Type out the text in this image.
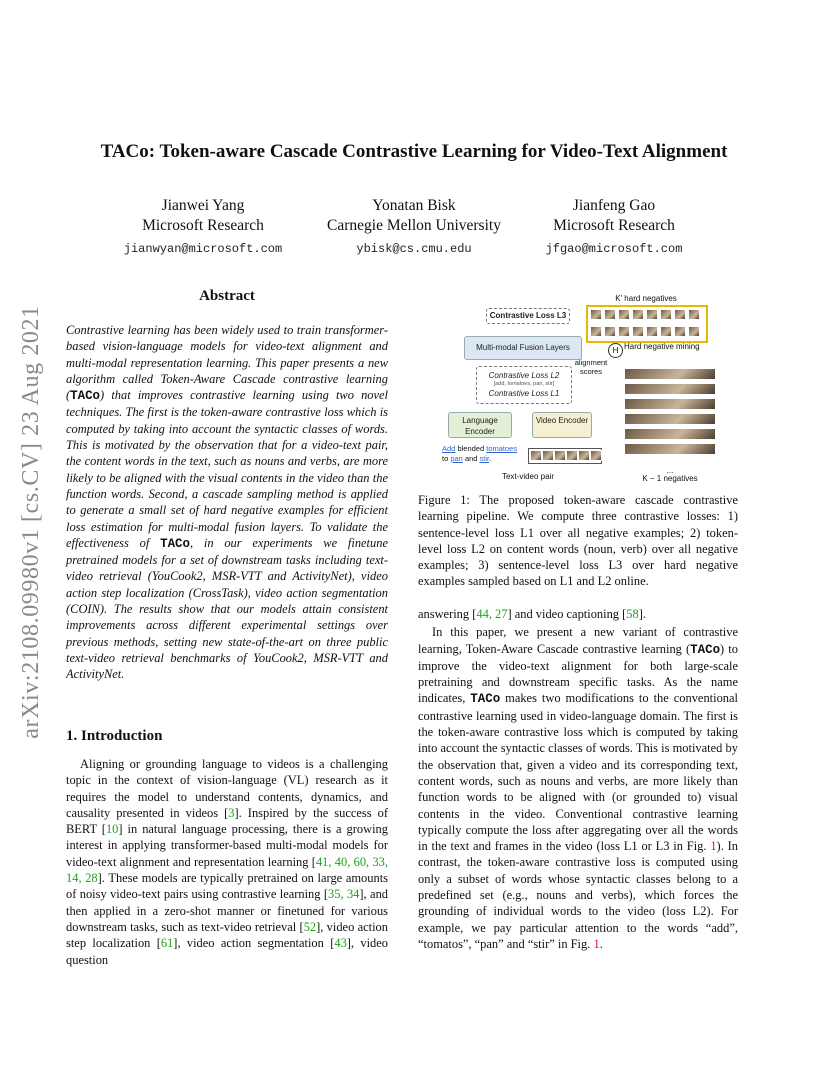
arXiv:2108.09980v1 [cs.CV] 23 Aug 2021
TACo: Token-aware Cascade Contrastive Learning for Video-Text Alignment
Jianwei Yang
Microsoft Research
jianwyan@microsoft.com
Yonatan Bisk
Carnegie Mellon University
ybisk@cs.cmu.edu
Jianfeng Gao
Microsoft Research
jfgao@microsoft.com
Abstract
Contrastive learning has been widely used to train transformer-based vision-language models for video-text alignment and multi-modal representation learning. This paper presents a new algorithm called Token-Aware Cascade contrastive learning (TACo) that improves contrastive learning using two novel techniques. The first is the token-aware contrastive loss which is computed by taking into account the syntactic classes of words. This is motivated by the observation that for a video-text pair, the content words in the text, such as nouns and verbs, are more likely to be aligned with the visual contents in the video than the function words. Second, a cascade sampling method is applied to generate a small set of hard negative examples for efficient loss estimation for multi-modal fusion layers. To validate the effectiveness of TACo, in our experiments we finetune pretrained models for a set of downstream tasks including text-video retrieval (YouCook2, MSR-VTT and ActivityNet), video action step localization (CrossTask), video action segmentation (COIN). The results show that our models attain consistent improvements across different experimental settings over previous methods, setting new state-of-the-art on three public text-video retrieval benchmarks of YouCook2, MSR-VTT and ActivityNet.
1. Introduction
Aligning or grounding language to videos is a challenging topic in the context of vision-language (VL) research as it requires the model to understand contents, dynamics, and causality presented in videos [3]. Inspired by the success of BERT [10] in natural language processing, there is a growing interest in applying transformer-based multi-modal models for video-text alignment and representation learning [41, 40, 60, 33, 14, 28]. These models are typically pretrained on large amounts of noisy video-text pairs using contrastive learning [35, 34], and then applied in a zero-shot manner or finetuned for various downstream tasks, such as text-video retrieval [52], video action step localization [61], video action segmentation [43], video question
K' hard negatives
Contrastive Loss L3
Multi-modal Fusion Layers	H Hard negative mining
alignment scores
Contrastive Loss L2
[add, tomatoes, pan, stir]
Contrastive Loss L1
Language Encoder
Video Encoder
Add blended tomatoes
to pan and stir.
Text-video pair
...
K − 1 negatives
Figure 1: The proposed token-aware cascade contrastive learning pipeline. We compute three contrastive losses: 1) sentence-level loss L1 over all negative examples; 2) token-level loss L2 on content words (noun, verb) over all negative examples; 3) sentence-level loss L3 over hard negative examples sampled based on L1 and L2 online.

answering [44, 27] and video captioning [58].

In this paper, we present a new variant of contrastive learning, Token-Aware Cascade contrastive learning (TACo) to improve the video-text alignment for both large-scale pretraining and downstream specific tasks. As the name indicates, TACo makes two modifications to the conventional contrastive learning used in video-language domain. The first is the token-aware contrastive loss which is computed by taking into account the syntactic classes of words. This is motivated by the observation that, given a video and its corresponding text, content words, such as nouns and verbs, are more likely than function words to be aligned with (or grounded to) visual contents in the video. Conventional contrastive learning typically compute the loss after aggregating over all the words in the text and frames in the video (loss L1 or L3 in Fig. 1). In contrast, the token-aware contrastive loss is computed using only a subset of words whose syntactic classes belong to a predefined set (e.g., nouns and verbs), which forces the grounding of individual words to the video (loss L2). For example, we pay particular attention to the words “add”, “tomatos”, “pan” and “stir” in Fig. 1.
